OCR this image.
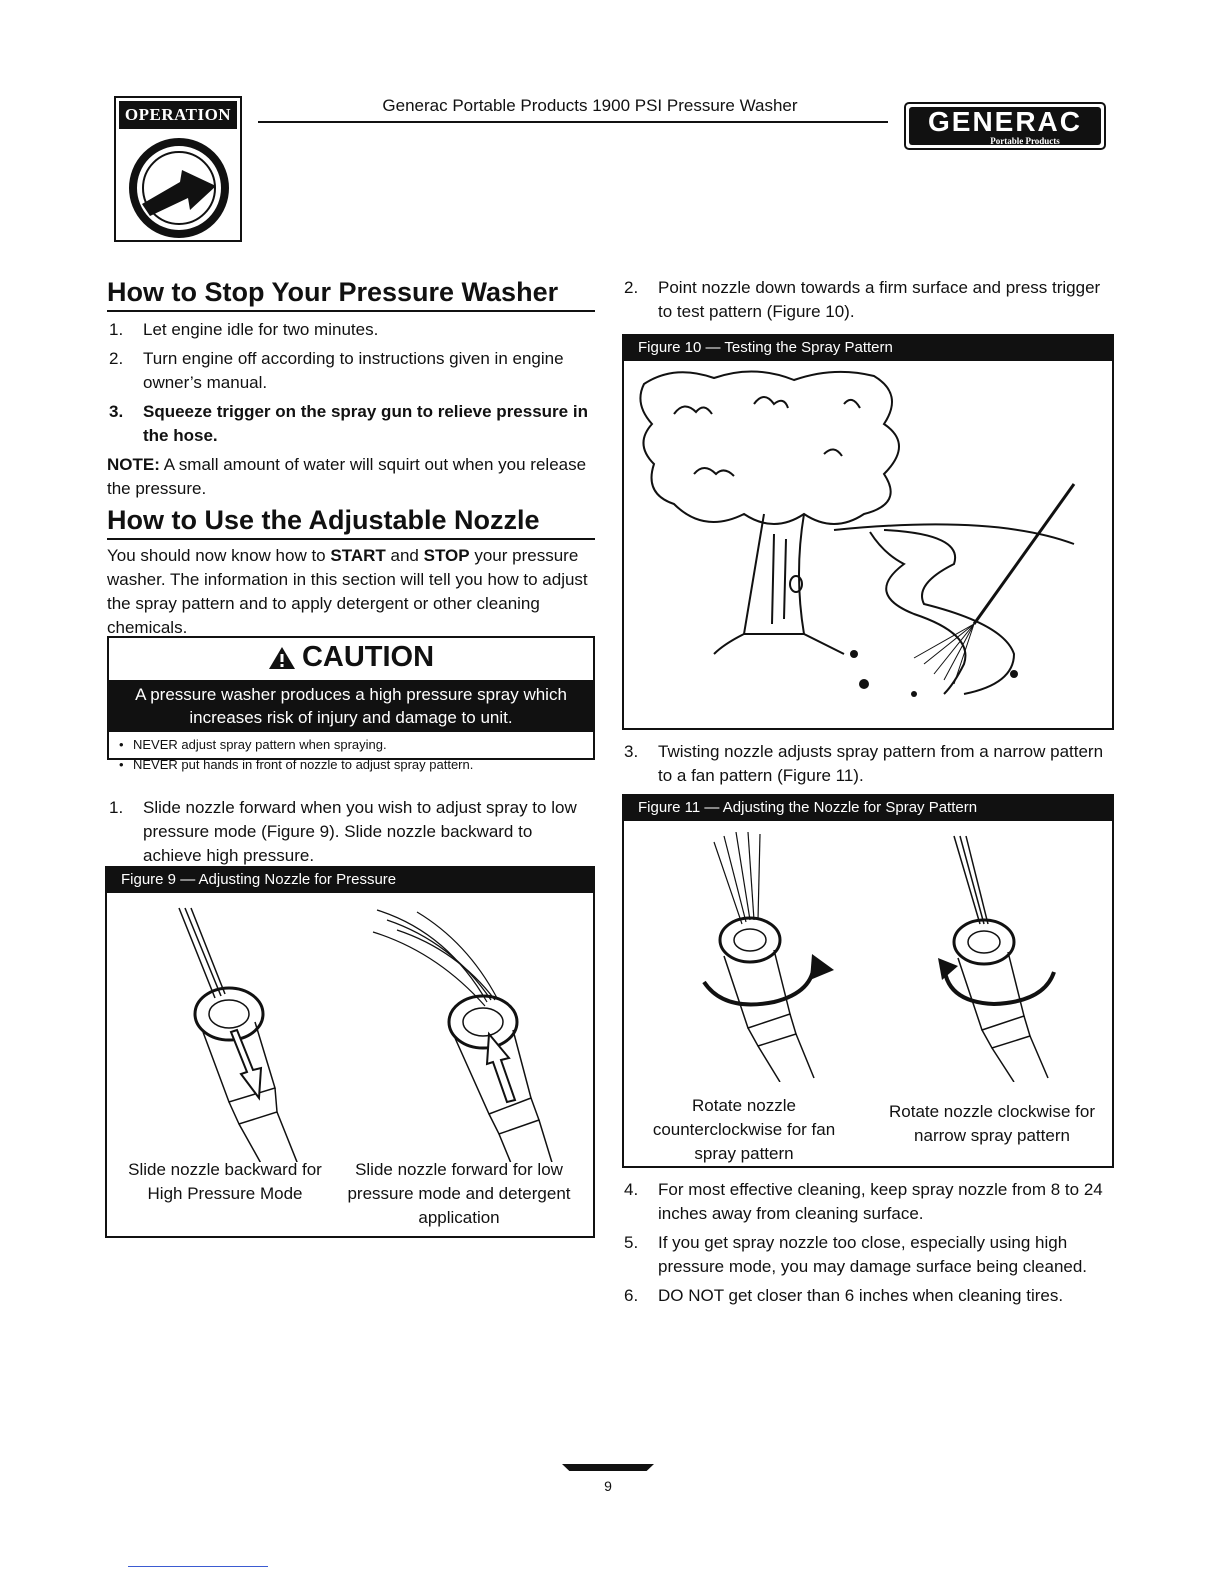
OPERATION	Generac Portable Products 1900 PSI Pressure Washer
GENERAC
Portable Products
How to Stop Your Pressure Washer
1. Let engine idle for two minutes.
2. Turn engine off according to instructions given in engine owner’s manual.
3. Squeeze trigger on the spray gun to relieve pressure in the hose.
NOTE: A small amount of water will squirt out when you release the pressure.
How to Use the Adjustable Nozzle
You should now know how to START and STOP your pressure washer. The information in this section will tell you how to adjust the spray pattern and to apply detergent or other cleaning chemicals.
CAUTION
A pressure washer produces a high pressure spray which increases risk of injury and damage to unit.
• NEVER adjust spray pattern when spraying.
• NEVER put hands in front of nozzle to adjust spray pattern.
1. Slide nozzle forward when you wish to adjust spray to low pressure mode (Figure 9). Slide nozzle backward to achieve high pressure.
Figure 9 — Adjusting Nozzle for Pressure
Slide nozzle backward for High Pressure Mode
Slide nozzle forward for low pressure mode and detergent application
2. Point nozzle down towards a firm surface and press trigger to test pattern (Figure 10).
Figure 10 — Testing the Spray Pattern
3. Twisting nozzle adjusts spray pattern from a narrow pattern to a fan pattern (Figure 11).
Figure 11 — Adjusting the Nozzle for Spray Pattern
Rotate nozzle counterclockwise for fan spray pattern
Rotate nozzle clockwise for narrow spray pattern
4. For most effective cleaning, keep spray nozzle from 8 to 24 inches away from cleaning surface.
5. If you get spray nozzle too close, especially using high pressure mode, you may damage surface being cleaned.
6. DO NOT get closer than 6 inches when cleaning tires.
9
